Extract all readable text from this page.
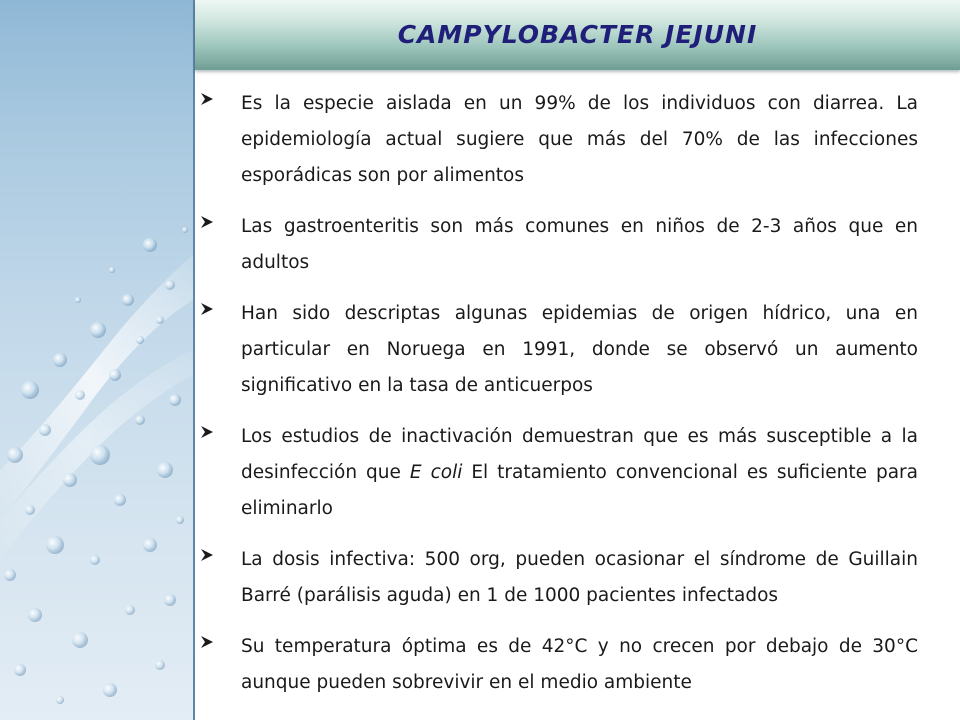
CAMPYLOBACTER JEJUNI
Es la especie aislada en un 99% de los individuos con diarrea. La epidemiología actual sugiere que más del 70% de las infecciones esporádicas son por alimentos
Las gastroenteritis son más comunes en niños de 2-3 años que en adultos
Han sido descriptas algunas epidemias de origen hídrico, una en particular en Noruega en 1991, donde se observó un aumento significativo en la tasa de anticuerpos
Los estudios de inactivación demuestran que es más susceptible a la desinfección que E coli El tratamiento convencional es suficiente para eliminarlo
La dosis infectiva: 500 org, pueden ocasionar el síndrome de Guillain Barré (parálisis aguda) en 1 de 1000 pacientes infectados
Su temperatura óptima es de 42°C y no crecen por debajo de 30°C aunque pueden sobrevivir en el medio ambiente
